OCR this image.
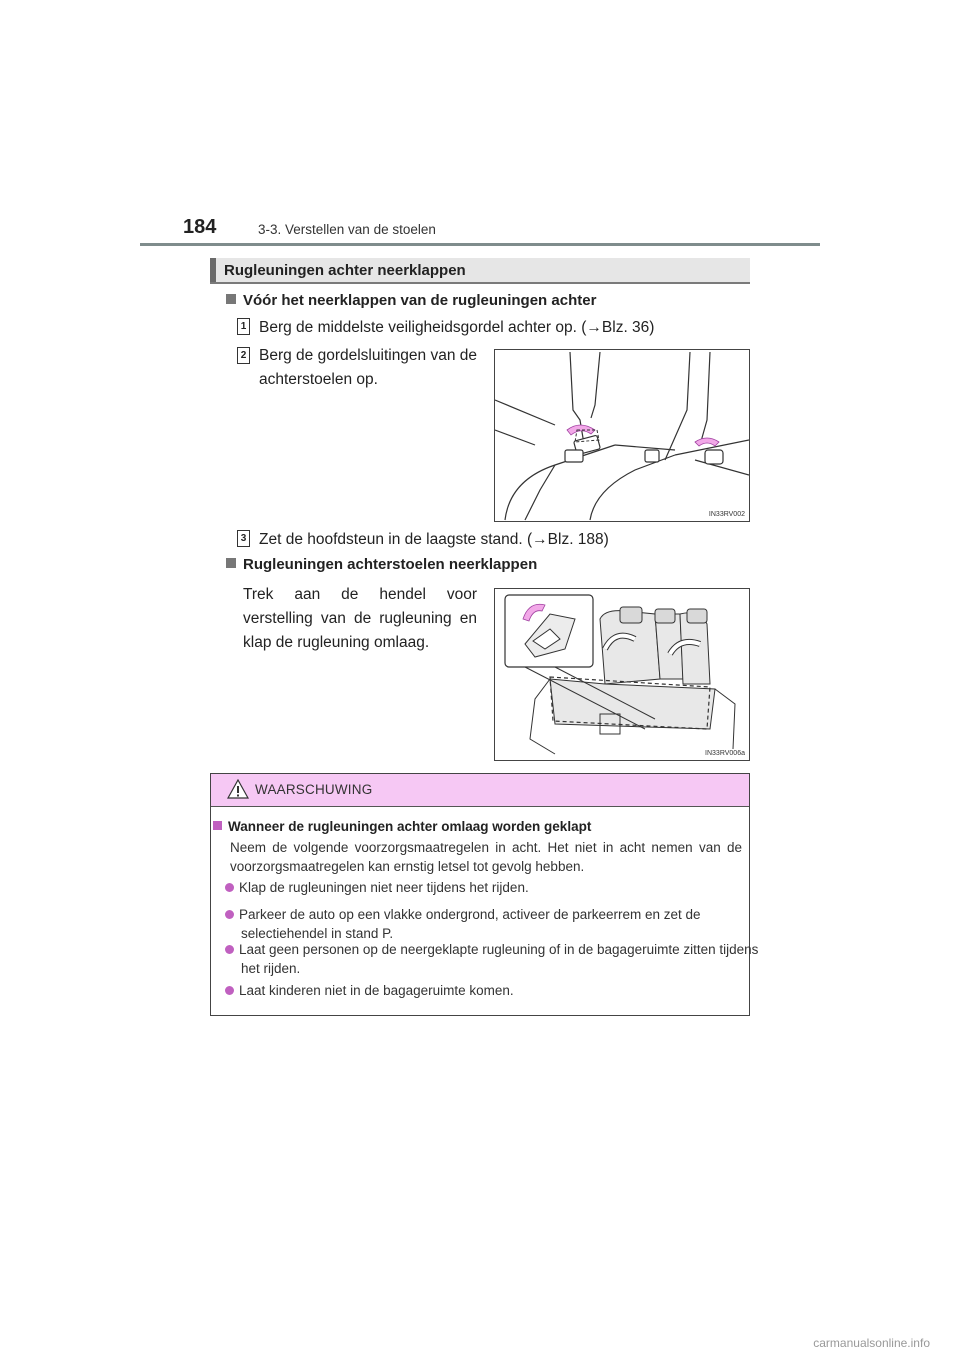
184	3-3. Verstellen van de stoelen
Rugleuningen achter neerklappen
Vóór het neerklappen van de rugleuningen achter
1 Berg de middelste veiligheidsgordel achter op. (→Blz. 36)
2 Berg de gordelsluitingen van de achterstoelen op.
IN33RV002
3 Zet de hoofdsteun in de laagste stand. (→Blz. 188)
Rugleuningen achterstoelen neerklappen
Trek aan de hendel voor verstelling van de rugleuning en klap de rugleuning omlaag.
IN33RV006a
WAARSCHUWING
Wanneer de rugleuningen achter omlaag worden geklapt
Neem de volgende voorzorgsmaatregelen in acht. Het niet in acht nemen van de voorzorgsmaatregelen kan ernstig letsel tot gevolg hebben.
Klap de rugleuningen niet neer tijdens het rijden.
Parkeer de auto op een vlakke ondergrond, activeer de parkeerrem en zet de selectiehendel in stand P.
Laat geen personen op de neergeklapte rugleuning of in de bagageruimte zitten tijdens het rijden.
Laat kinderen niet in de bagageruimte komen.
carmanualsonline.info
